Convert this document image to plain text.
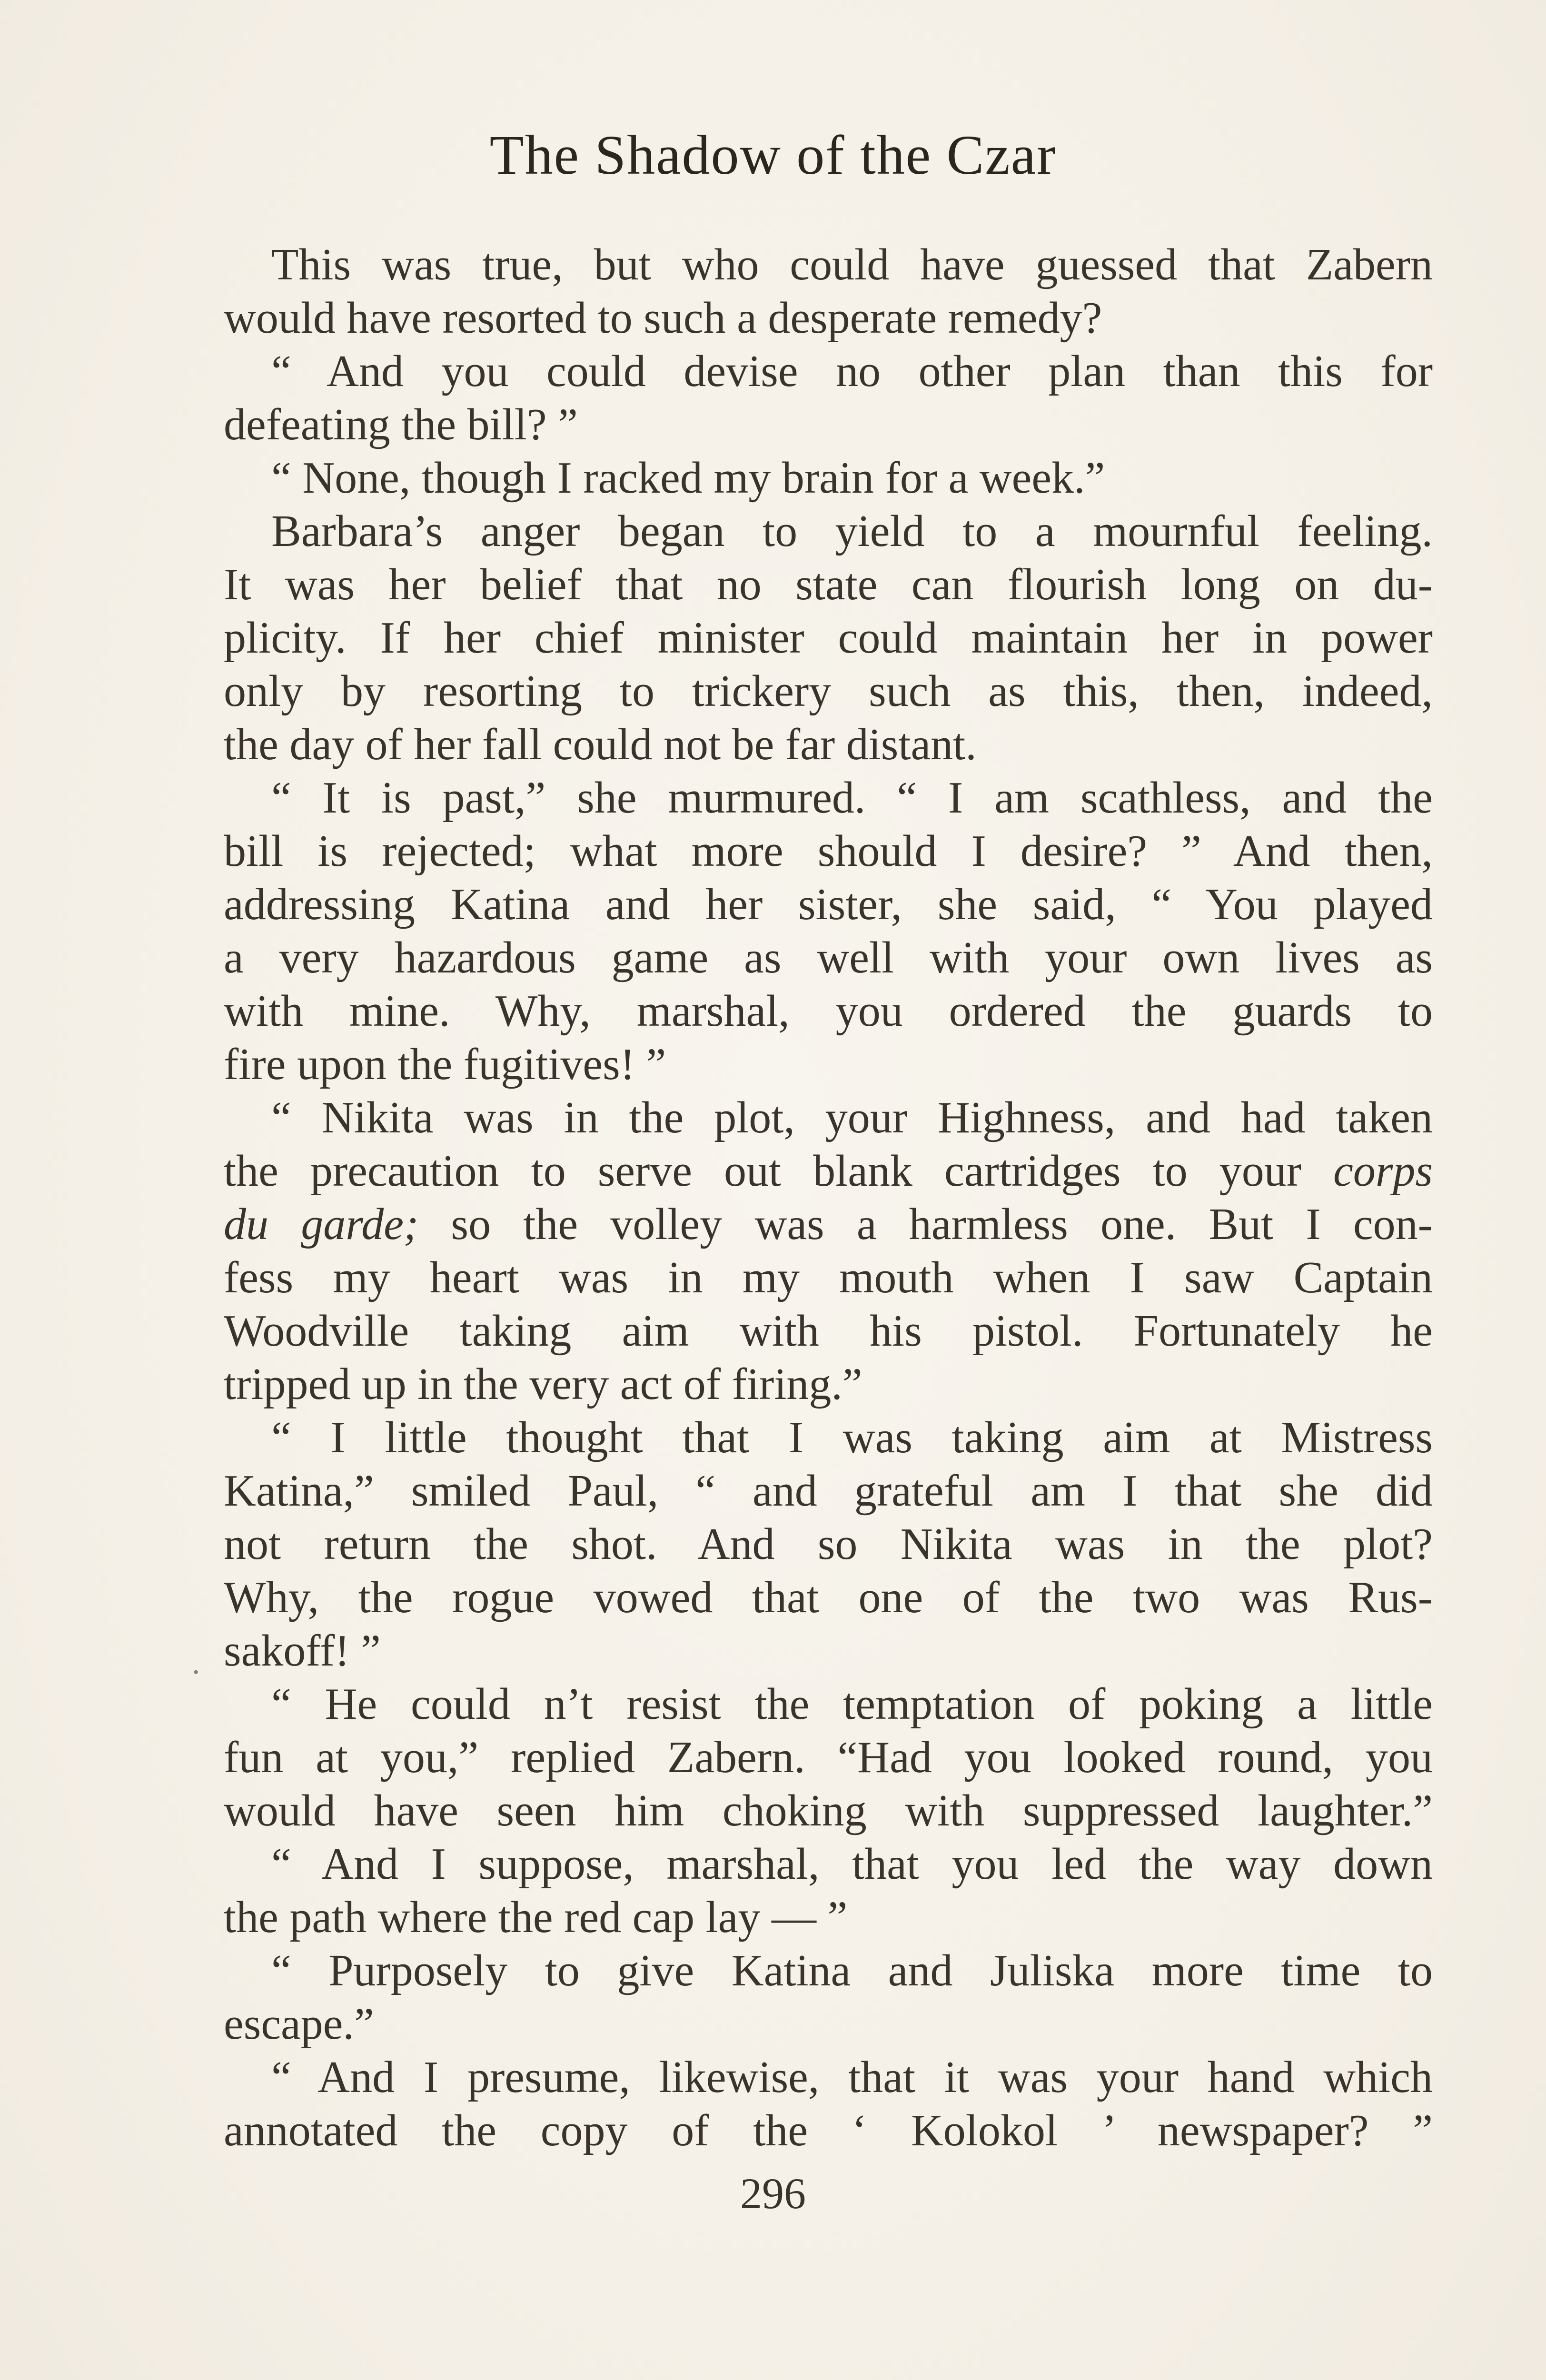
The Shadow of the Czar
This was true, but who could have guessed that Zabern
would have resorted to such a desperate remedy?
“ And you could devise no other plan than this for
defeating the bill? ”
“ None, though I racked my brain for a week.”
Barbara’s anger began to yield to a mournful feeling.
It was her belief that no state can flourish long on du-
plicity. If her chief minister could maintain her in power
only by resorting to trickery such as this, then, indeed,
the day of her fall could not be far distant.
“ It is past,” she murmured. “ I am scathless, and the
bill is rejected; what more should I desire? ” And then,
addressing Katina and her sister, she said, “ You played
a very hazardous game as well with your own lives as
with mine. Why, marshal, you ordered the guards to
fire upon the fugitives! ”
“ Nikita was in the plot, your Highness, and had taken
the precaution to serve out blank cartridges to your corps
du garde; so the volley was a harmless one. But I con-
fess my heart was in my mouth when I saw Captain
Woodville taking aim with his pistol. Fortunately he
tripped up in the very act of firing.”
“ I little thought that I was taking aim at Mistress
Katina,” smiled Paul, “ and grateful am I that she did
not return the shot. And so Nikita was in the plot?
Why, the rogue vowed that one of the two was Rus-
sakoff! ”
“ He could n’t resist the temptation of poking a little
fun at you,” replied Zabern. “Had you looked round, you
would have seen him choking with suppressed laughter.”
“ And I suppose, marshal, that you led the way down
the path where the red cap lay — ”
“ Purposely to give Katina and Juliska more time to
escape.”
“ And I presume, likewise, that it was your hand which
annotated the copy of the ‘ Kolokol ’ newspaper? ”
·
296
